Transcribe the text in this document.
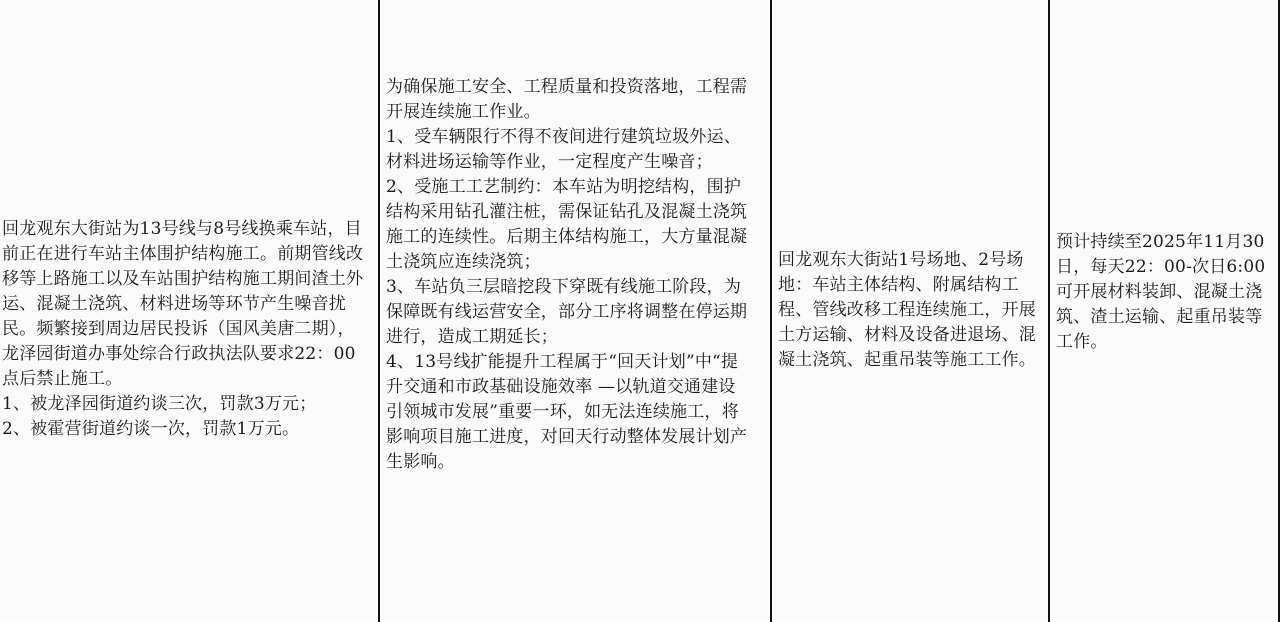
回龙观东大街站为13号线与8号线换乘车站，目前正在进行车站主体围护结构施工。前期管线改移等上路施工以及车站围护结构施工期间渣土外运、混凝土浇筑、材料进场等环节产生噪音扰民。频繁接到周边居民投诉（国风美唐二期），龙泽园街道办事处综合行政执法队要求22：00点后禁止施工。

1、被龙泽园街道约谈三次，罚款3万元；

2、被霍营街道约谈一次，罚款1万元。

为确保施工安全、工程质量和投资落地，工程需开展连续施工作业。

1、受车辆限行不得不夜间进行建筑垃圾外运、材料进场运输等作业，一定程度产生噪音；

2、受施工工艺制约：本车站为明挖结构，围护结构采用钻孔灌注桩，需保证钻孔及混凝土浇筑施工的连续性。后期主体结构施工，大方量混凝土浇筑应连续浇筑；

3、车站负三层暗挖段下穿既有线施工阶段，为保障既有线运营安全，部分工序将调整在停运期进行，造成工期延长；

4、13号线扩能提升工程属于“回天计划”中“提升交通和市政基础设施效率 —以轨道交通建设引领城市发展”重要一环，如无法连续施工，将影响项目施工进度，对回天行动整体发展计划产生影响。

回龙观东大街站1号场地、2号场地：车站主体结构、附属结构工程、管线改移工程连续施工，开展土方运输、材料及设备进退场、混凝土浇筑、起重吊装等施工工作。

预计持续至2025年11月30日，每天22：00-次日6:00可开展材料装卸、混凝土浇筑、渣土运输、起重吊装等工作。
